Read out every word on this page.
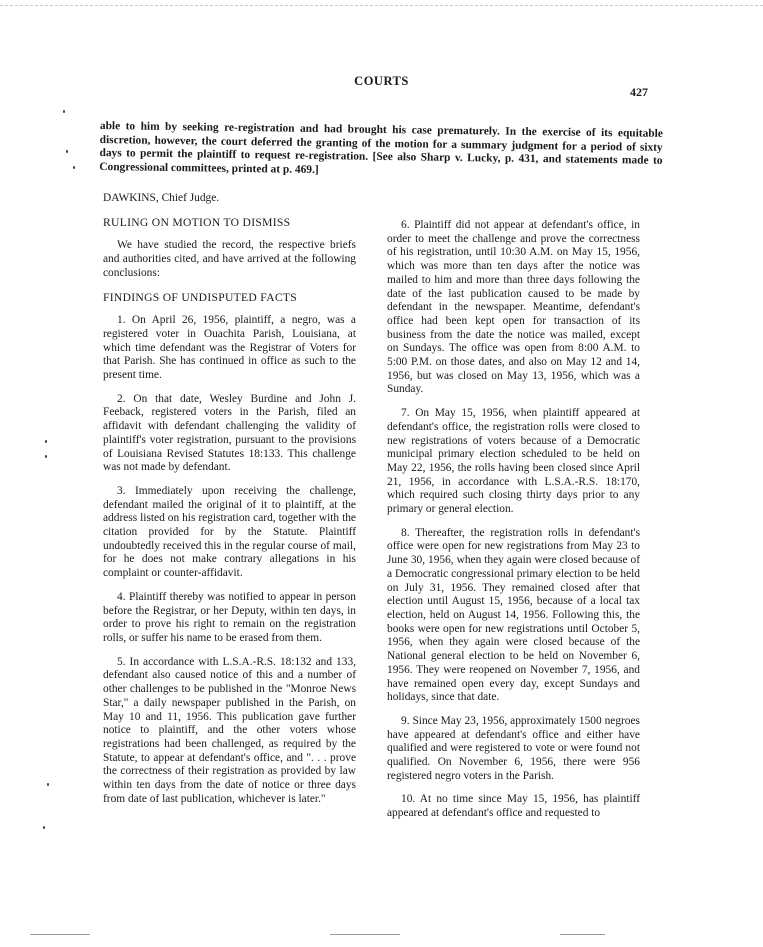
COURTS
427

able to him by seeking re-registration and had brought his case prematurely. In the exercise of its equitable discretion, however, the court deferred the granting of the motion for a summary judgment for a period of sixty days to permit the plaintiff to request re-registration. [See also Sharp v. Lucky, p. 431, and statements made to Congressional committees, printed at p. 469.]

DAWKINS, Chief Judge.

RULING ON MOTION TO DISMISS

We have studied the record, the respective briefs and authorities cited, and have arrived at the following conclusions:

FINDINGS OF UNDISPUTED FACTS

1. On April 26, 1956, plaintiff, a negro, was a registered voter in Ouachita Parish, Louisiana, at which time defendant was the Registrar of Voters for that Parish. She has continued in office as such to the present time.

2. On that date, Wesley Burdine and John J. Feeback, registered voters in the Parish, filed an affidavit with defendant challenging the validity of plaintiff's voter registration, pursuant to the provisions of Louisiana Revised Statutes 18:133. This challenge was not made by defendant.

3. Immediately upon receiving the challenge, defendant mailed the original of it to plaintiff, at the address listed on his registration card, together with the citation provided for by the Statute. Plaintiff undoubtedly received this in the regular course of mail, for he does not make contrary allegations in his complaint or counter-affidavit.

4. Plaintiff thereby was notified to appear in person before the Registrar, or her Deputy, within ten days, in order to prove his right to remain on the registration rolls, or suffer his name to be erased from them.

5. In accordance with L.S.A.-R.S. 18:132 and 133, defendant also caused notice of this and a number of other challenges to be published in the "Monroe News Star," a daily newspaper published in the Parish, on May 10 and 11, 1956. This publication gave further notice to plaintiff, and the other voters whose registrations had been challenged, as required by the Statute, to appear at defendant's office, and ". . . prove the correctness of their registration as provided by law within ten days from the date of notice or three days from date of last publication, whichever is later."

6. Plaintiff did not appear at defendant's office, in order to meet the challenge and prove the correctness of his registration, until 10:30 A.M. on May 15, 1956, which was more than ten days after the notice was mailed to him and more than three days following the date of the last publication caused to be made by defendant in the newspaper. Meantime, defendant's office had been kept open for transaction of its business from the date the notice was mailed, except on Sundays. The office was open from 8:00 A.M. to 5:00 P.M. on those dates, and also on May 12 and 14, 1956, but was closed on May 13, 1956, which was a Sunday.

7. On May 15, 1956, when plaintiff appeared at defendant's office, the registration rolls were closed to new registrations of voters because of a Democratic municipal primary election scheduled to be held on May 22, 1956, the rolls having been closed since April 21, 1956, in accordance with L.S.A.-R.S. 18:170, which required such closing thirty days prior to any primary or general election.

8. Thereafter, the registration rolls in defendant's office were open for new registrations from May 23 to June 30, 1956, when they again were closed because of a Democratic congressional primary election to be held on July 31, 1956. They remained closed after that election until August 15, 1956, because of a local tax election, held on August 14, 1956. Following this, the books were open for new registrations until October 5, 1956, when they again were closed because of the National general election to be held on November 6, 1956. They were reopened on November 7, 1956, and have remained open every day, except Sundays and holidays, since that date.

9. Since May 23, 1956, approximately 1500 negroes have appeared at defendant's office and either have qualified and were registered to vote or were found not qualified. On November 6, 1956, there were 956 registered negro voters in the Parish.

10. At no time since May 15, 1956, has plaintiff appeared at defendant's office and requested to
